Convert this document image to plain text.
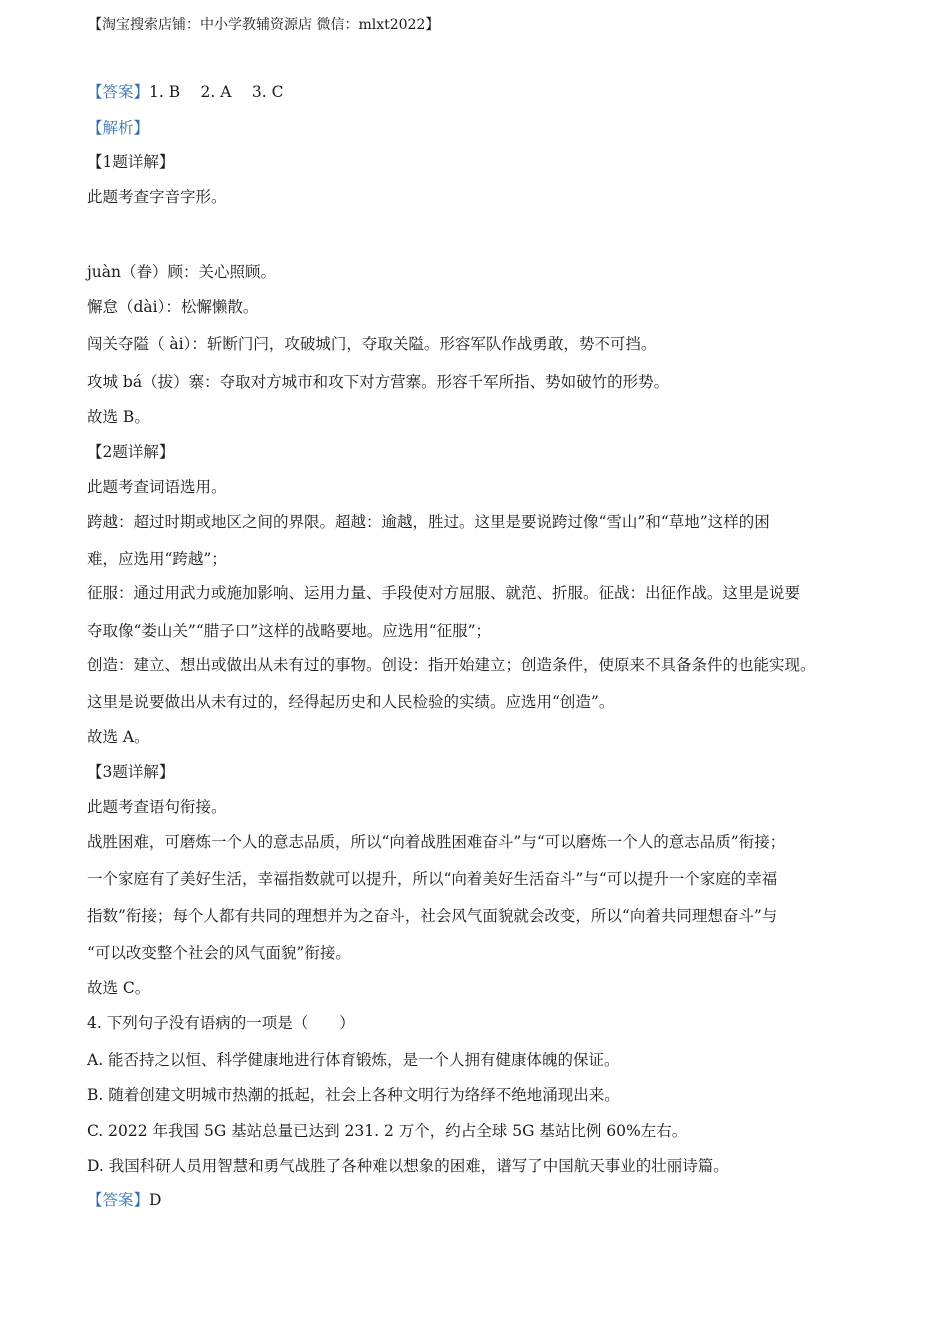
【淘宝搜索店铺：中小学教辅资源店 微信：mlxt2022】
【答案】1. B　 2. A　 3. C
【解析】
【1题详解】
此题考查字音字形。
juàn（眷）顾：关心照顾。
懈怠（dài）：松懈懒散。
闯关夺隘（ ài）：斩断门闩，攻破城门，夺取关隘。形容军队作战勇敢，势不可挡。
攻城 bá（拔）寨：夺取对方城市和攻下对方营寨。形容千军所指、势如破竹的形势。
故选 B。
【2题详解】
此题考查词语选用。
跨越：超过时期或地区之间的界限。超越：逾越，胜过。这里是要说跨过像“雪山”和“草地”这样的困
难，应选用“跨越”；
征服：通过用武力或施加影响、运用力量、手段使对方屈服、就范、折服。征战：出征作战。这里是说要
夺取像“娄山关”“腊子口”这样的战略要地。应选用“征服”；
创造：建立、想出或做出从未有过的事物。创设：指开始建立；创造条件，使原来不具备条件的也能实现。
这里是说要做出从未有过的，经得起历史和人民检验的实绩。应选用“创造”。
故选 A。
【3题详解】
此题考查语句衔接。
战胜困难，可磨炼一个人的意志品质，所以“向着战胜困难奋斗”与“可以磨炼一个人的意志品质”衔接；
一个家庭有了美好生活，幸福指数就可以提升，所以“向着美好生活奋斗”与“可以提升一个家庭的幸福
指数”衔接；每个人都有共同的理想并为之奋斗，社会风气面貌就会改变，所以“向着共同理想奋斗”与
“可以改变整个社会的风气面貌”衔接。
故选 C。
4. 下列句子没有语病的一项是（　　）
A. 能否持之以恒、科学健康地进行体育锻炼，是一个人拥有健康体魄的保证。
B. 随着创建文明城市热潮的抵起，社会上各种文明行为络绎不绝地涌现出来。
C. 2022 年我国 5G 基站总量已达到 231. 2 万个，约占全球 5G 基站比例 60%左右。
D. 我国科研人员用智慧和勇气战胜了各种难以想象的困难，谱写了中国航天事业的壮丽诗篇。
【答案】D
